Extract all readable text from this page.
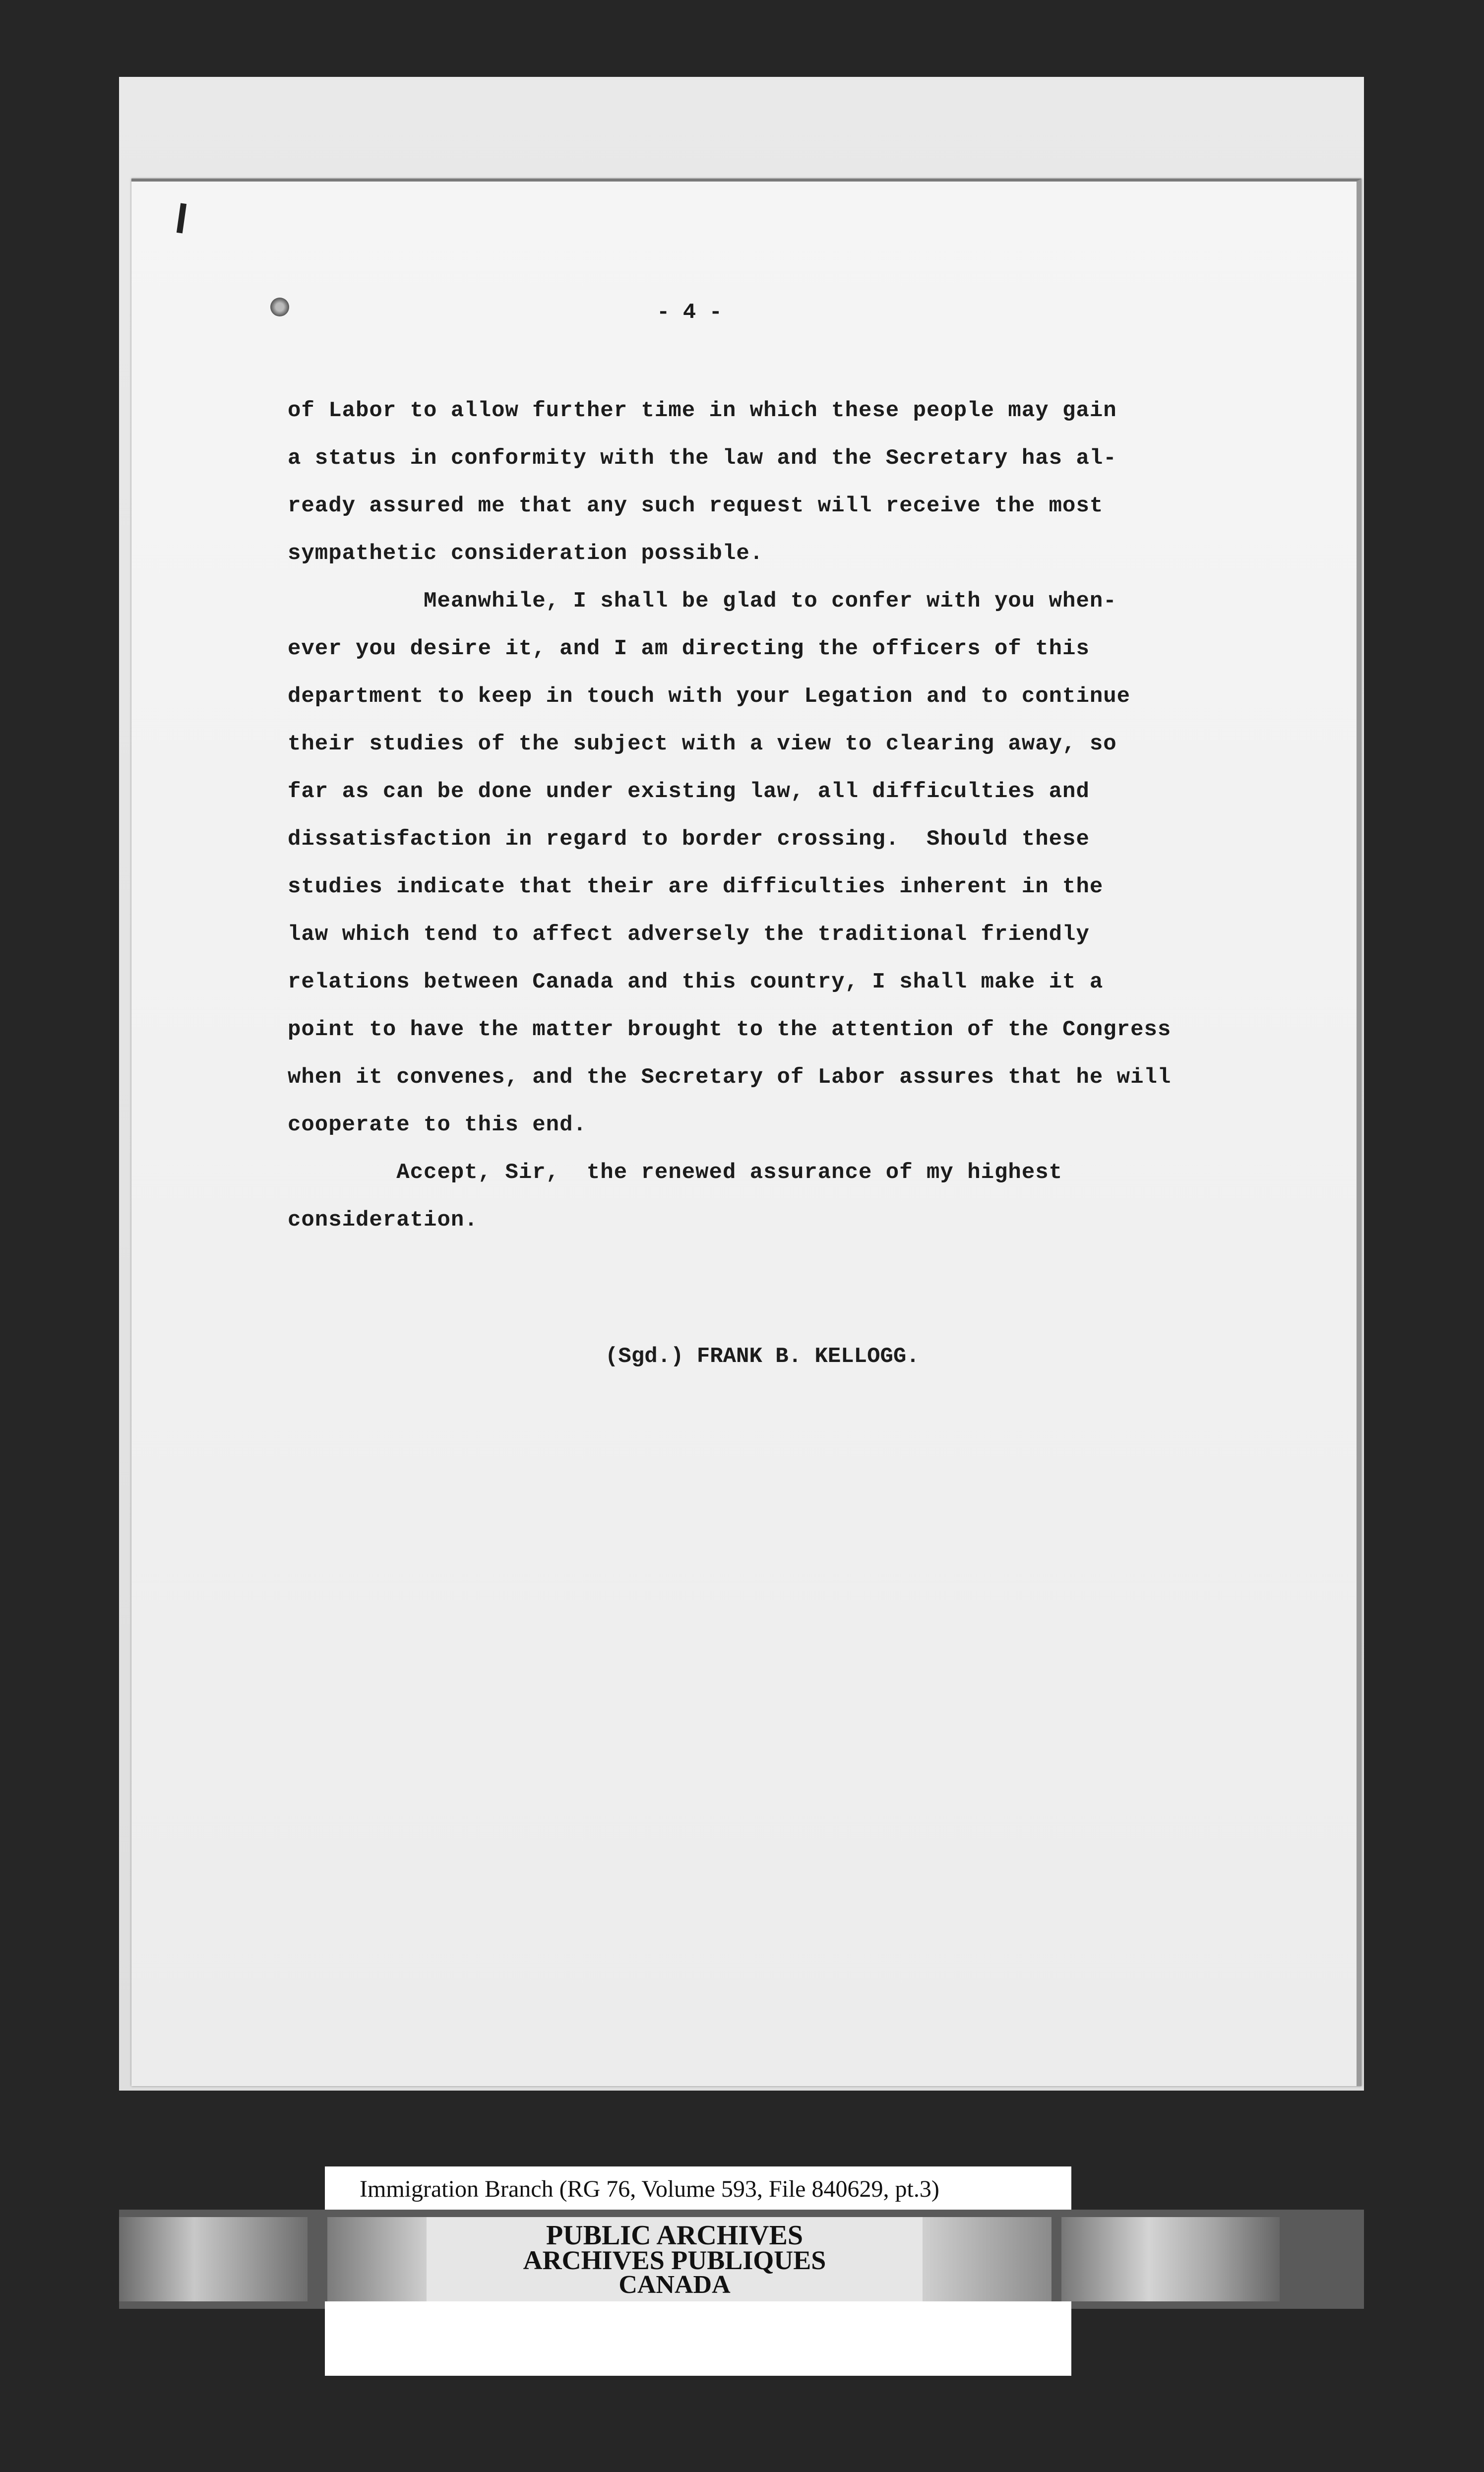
- 4 -
of Labor to allow further time in which these people may gain
a status in conformity with the law and the Secretary has al-
ready assured me that any such request will receive the most
sympathetic consideration possible.
Meanwhile, I shall be glad to confer with you when-
ever you desire it, and I am directing the officers of this
department to keep in touch with your Legation and to continue
their studies of the subject with a view to clearing away, so
far as can be done under existing law, all difficulties and
dissatisfaction in regard to border crossing.  Should these
studies indicate that their are difficulties inherent in the
law which tend to affect adversely the traditional friendly
relations between Canada and this country, I shall make it a
point to have the matter brought to the attention of the Congress
when it convenes, and the Secretary of Labor assures that he will
cooperate to this end.
Accept, Sir,  the renewed assurance of my highest
consideration.
(Sgd.) FRANK B. KELLOGG.
Immigration Branch (RG 76, Volume 593, File 840629, pt.3)
PUBLIC ARCHIVES
ARCHIVES PUBLIQUES
CANADA
